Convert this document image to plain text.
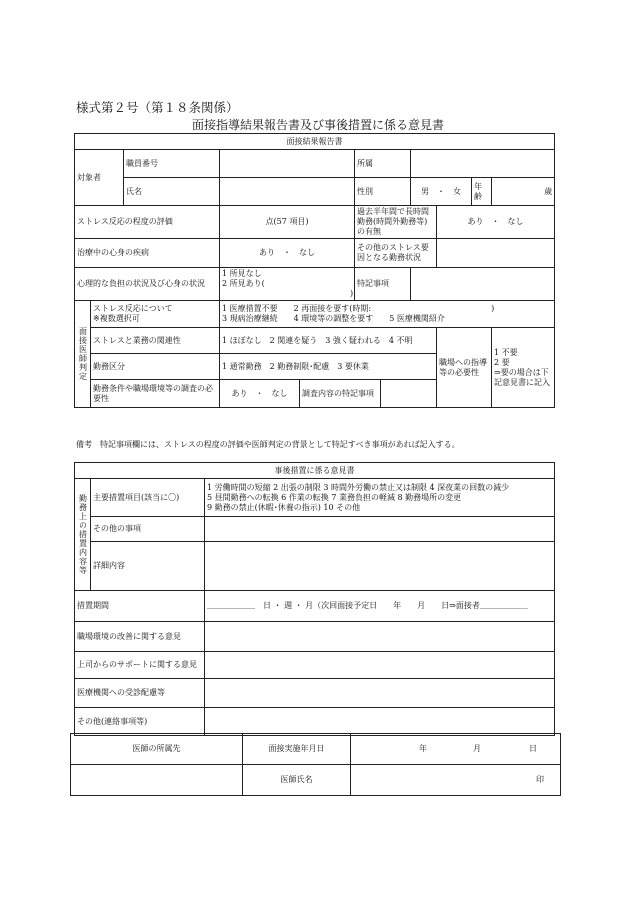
様式第２号（第１８条関係）
面接指導結果報告書及び事後措置に係る意見書
面接結果報告書										
対象者		職員番号			所属					
		氏名			性別		男　・　女		年齢	歳
ストレス反応の程度の評価			点(57 項目)		過去半年間で長時間勤務(時間外勤務等)の有無			あり　・　なし		
治療中の心身の疾病			あり　・　なし		その他のストレス要因となる勤務状況					
心理的な負担の状況及び心身の状況			1 所見なし
2 所見あり(
　　　　　　　　　　　　　　　　)		特記事項					
面接医師判定	ストレス反応について
※複数選択可		1 医療措置不要　　2 再面接を要す(時期:　　　　　　　　　　　　　　　)
3 現病治療継続　　4 環境等の調整を要す　　5 医療機関紹介							
	ストレスと業務の関連性		1 ほぼなし　2 関連を疑う　3 強く疑われる　4 不明					職場への指導等の必要性		1 不要
2 要
⇒要の場合は下記意見書に記入
	勤務区分		1 通常勤務　2 勤務制限･配慮　3 要休業							
	勤務条件や職場環境等の調査の必要性		あり　・　なし	調査内容の特記事項						
備考　特記事項欄には、ストレスの程度の評価や医師判定の背景として特記すべき事項があれば記入する。
事後措置に係る意見書		
勤務上の措置内容等	主要措置項目(該当に〇)	1 労働時間の短縮 2 出張の制限 3 時間外労働の禁止又は制限 4 深夜業の回数の減少
5 昼間勤務への転換 6 作業の転換 7 業務負担の軽減 8 勤務場所の変更
9 勤務の禁止(休暇･休養の指示) 10 その他
	その他の事項	
	詳細内容	
措置期間		＿＿＿＿＿＿　日 ・ 週 ・ 月（次回面接予定日　　年　　月　　日⇒面接者＿＿＿＿＿＿
職場環境の改善に関する意見		
上司からのサポートに関する意見		
医療機関への受診配慮等		
その他(連絡事項等)		
医師の所属先	面接実施年月日	年 月 日
	医師氏名	印
